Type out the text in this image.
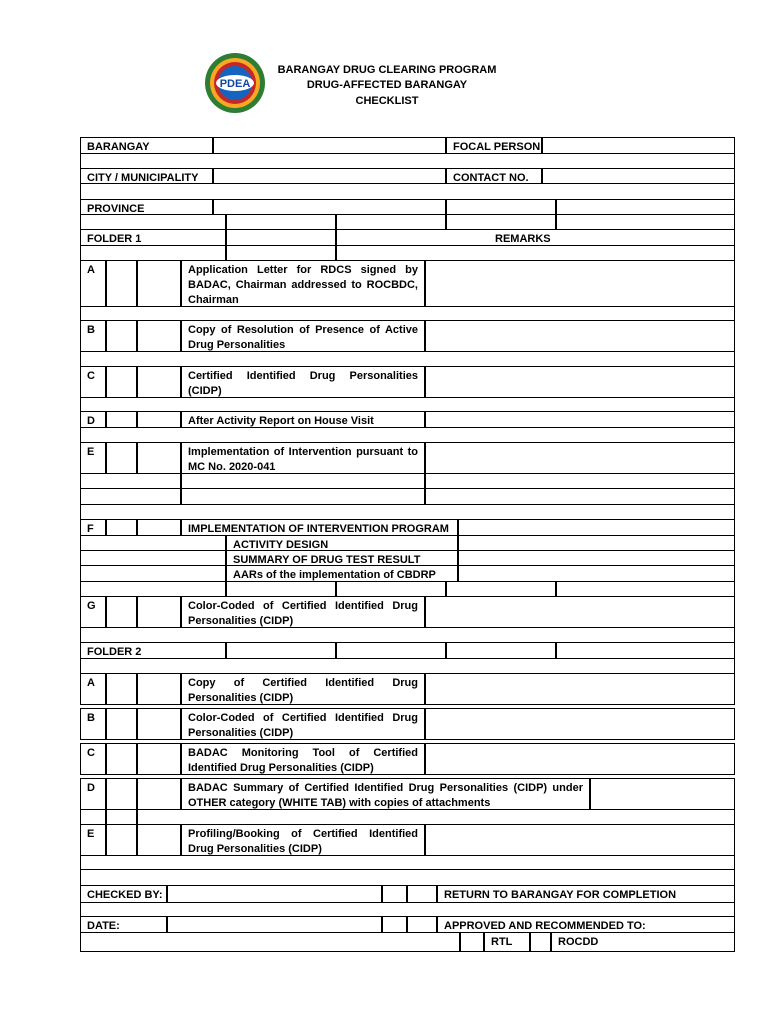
PDEA
BARANGAY DRUG CLEARING PROGRAM
DRUG-AFFECTED BARANGAY
CHECKLIST
BARANGAY	FOCAL PERSON
CITY / MUNICIPALITY	CONTACT NO.
PROVINCE
FOLDER 1	REMARKS
A	Application Letter for RDCS signed by BADAC, Chairman addressed to ROCBDC, Chairman
B	Copy of Resolution of Presence of Active Drug Personalities
C	Certified Identified Drug Personalities (CIDP)
D	After Activity Report on House Visit
E	Implementation of Intervention pursuant to MC No. 2020-041
F	IMPLEMENTATION OF INTERVENTION PROGRAM
ACTIVITY DESIGN
SUMMARY OF DRUG TEST RESULT
AARs of the implementation of CBDRP
G	Color-Coded of Certified Identified Drug Personalities (CIDP)
FOLDER 2
A	Copy of Certified Identified Drug Personalities (CIDP)
B	Color-Coded of Certified Identified Drug Personalities (CIDP)
C	BADAC Monitoring Tool of Certified Identified Drug Personalities (CIDP)
D	BADAC Summary of Certified Identified Drug Personalities (CIDP) under OTHER category (WHITE TAB) with copies of attachments
E	Profiling/Booking of Certified Identified Drug Personalities (CIDP)
CHECKED BY:	RETURN TO BARANGAY FOR COMPLETION
DATE:	APPROVED AND RECOMMENDED TO:
RTL	ROCDD
